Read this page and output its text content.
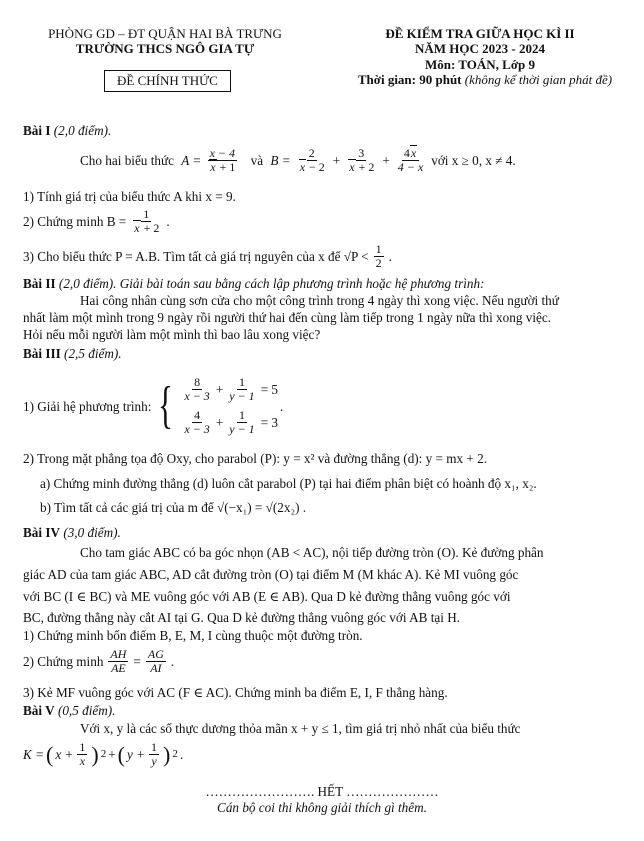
PHÒNG GD – ĐT QUẬN HAI BÀ TRƯNG
TRƯỜNG THCS NGÔ GIA TỰ
ĐỀ CHÍNH THỨC
ĐỀ KIỂM TRA GIỮA HỌC KÌ II
NĂM HỌC 2023 - 2024
Môn: TOÁN, Lớp 9
Thời gian: 90 phút (không kể thời gian phát đề)
Bài I (2,0 điểm).
Cho hai biểu thức $A = \frac{x - 4}{x + 1}$
và $B = \frac{2}{x - 2} + \frac{3}{x + 2} + \frac{4x}{4 - x}$ với x ≥ 0, x ≠ 4.
1) Tính giá trị của biểu thức A khi x = 9.
2) Chứng minh $B = \frac{1}{x + 2}$ .
3) Cho biểu thức P = A.B. Tìm tất cả giá trị nguyên của x để $√P < \frac{1}{2}$ .
Bài II (2,0 điểm). Giải bài toán sau bằng cách lập phương trình hoặc hệ phương trình:
Hai công nhân cùng sơn cửa cho một công trình trong 4 ngày thì xong việc. Nếu người thứ
nhất làm một mình trong 9 ngày rồi người thứ hai đến cùng làm tiếp trong 1 ngày nữa thì xong việc.
Hỏi nếu mỗi người làm một mình thì bao lâu xong việc?
Bài III (2,5 điểm).
1) Giải hệ phương trình: { $\frac{8}{x - 3} + \frac{1}{y - 1} = 5$
$\frac{4}{x - 3} + \frac{1}{y - 1} = 3$
.
2) Trong mặt phẳng tọa độ Oxy, cho parabol (P): y = x² và đường thẳng (d): y = mx + 2.
a) Chứng minh đường thẳng (d) luôn cắt parabol (P) tại hai điểm phân biệt có hoành độ x₁, x₂.
b) Tìm tất cả các giá trị của m để √(−x₁) = √(2x₂) .
Bài IV (3,0 điểm).
Cho tam giác ABC có ba góc nhọn (AB < AC), nội tiếp đường tròn (O). Kẻ đường phân
giác AD của tam giác ABC, AD cắt đường tròn (O) tại điểm M (M khác A). Kẻ MI vuông góc
với BC (I ∈ BC) và ME vuông góc với AB (E ∈ AB). Qua D kẻ đường thẳng vuông góc với
BC, đường thẳng này cắt AI tại G. Qua D kẻ đường thẳng vuông góc với AB tại H.
1) Chứng minh bốn điểm B, E, M, I cùng thuộc một đường tròn.
2) Chứng minh $\frac{AH}{AE} = \frac{AG}{AI}$ .
3) Kẻ MF vuông góc với AC (F ∈ AC). Chứng minh ba điểm E, I, F thẳng hàng.
Bài V (0,5 điểm).
Với x, y là các số thực dương thỏa mãn x + y ≤ 1, tìm giá trị nhỏ nhất của biểu thức
K = ( $x + \frac{1}{x}$ ) 2 + ( $y + \frac{1}{y}$ ) 2 .
……………………. HẾT …………………
Cán bộ coi thi không giải thích gì thêm.
